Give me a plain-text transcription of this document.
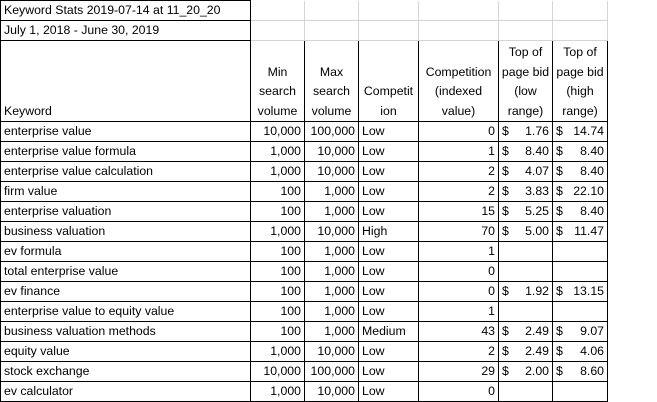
Keyword Stats 2019-07-14 at 11_20_20						
July 1, 2018 - June 30, 2019						
Keyword	Min search volume	Max search volume	Competit ion	Competition (indexed value)	Top of page bid (low range)	Top of page bid (high range)
enterprise value	10,000	100,000	Low	0	$ 1.76	$ 14.74

enterprise value formula	1,000	10,000	Low	1	$ 8.40	$ 8.40

enterprise value calculation	1,000	10,000	Low	2	$ 4.07	$ 8.40

firm value	100	1,000	Low	2	$ 3.83	$ 22.10

enterprise valuation	100	1,000	Low	15	$ 5.25	$ 8.40

business valuation	1,000	10,000	High	70	$ 5.00	$ 11.47

ev formula	100	1,000	Low	1		
total enterprise value	100	1,000	Low	0		
ev finance	100	1,000	Low	0	$ 1.92	$ 13.15

enterprise value to equity value	100	1,000	Low	1		
business valuation methods	100	1,000	Medium	43	$ 2.49	$ 9.07

equity value	1,000	10,000	Low	2	$ 2.49	$ 4.06

stock exchange	10,000	100,000	Low	29	$ 2.00	$ 8.60

ev calculator	1,000	10,000	Low	0		
